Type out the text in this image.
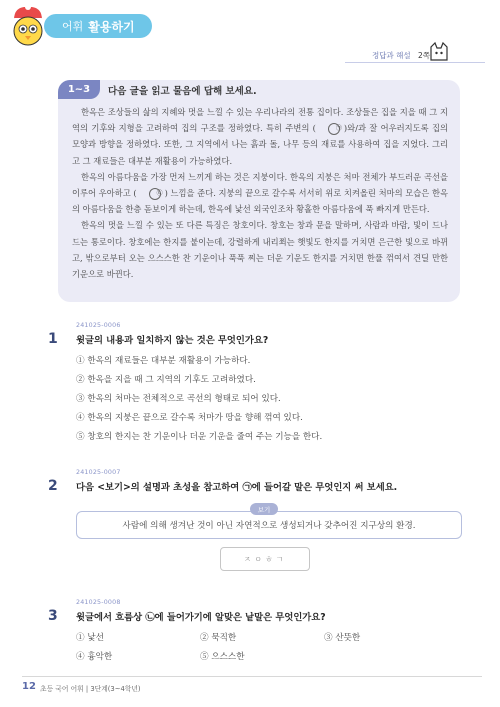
어휘 활용하기
정답과 해설 2쪽
1~3	다음 글을 읽고 물음에 답해 보세요.

한옥은 조상들의 삶의 지혜와 멋을 느낄 수 있는 우리나라의 전통 집이다. 조상들은 집을 지을 때 그 지역의 기후와 지형을 고려하여 집의 구조를 정하였다. 특히 주변의 (	㉠ )와/과 잘 어우러지도록 집의 모양과 방향을 정하였다. 또한, 그 지역에서 나는 흙과 돌, 나무 등의 재료를 사용하여 집을 지었다. 그리고 그 재료들은 대부분 재활용이 가능하였다.

한옥의 아름다움을 가장 먼저 느끼게 하는 것은 지붕이다. 한옥의 지붕은 처마 전체가 부드러운 곡선을 이루어 우아하고 (	㉡ ) 느낌을 준다. 지붕의 끝으로 갈수록 서서히 위로 치켜올린 처마의 모습은 한옥의 아름다움을 한층 돋보이게 하는데, 한옥에 낯선 외국인조차 황홀한 아름다움에 푹 빠지게 만든다.

한옥의 멋을 느낄 수 있는 또 다른 특징은 창호이다. 창호는 창과 문을 말하며, 사람과 바람, 빛이 드나드는 통로이다. 창호에는 한지를 붙이는데, 강렬하게 내리쬐는 햇빛도 한지를 거치면 은근한 빛으로 바뀌고, 밖으로부터 오는 으스스한 찬 기운이나 푹푹 찌는 더운 기운도 한지를 거치면 한풀 꺾여서 견딜 만한 기운으로 바뀐다.

241025-0006
1 윗글의 내용과 일치하지 않는 것은 무엇인가요?
① 한옥의 재료들은 대부분 재활용이 가능하다.
② 한옥을 지을 때 그 지역의 기후도 고려하였다.
③ 한옥의 처마는 전체적으로 곡선의 형태로 되어 있다.
④ 한옥의 지붕은 끝으로 갈수록 처마가 땅을 향해 꺾여 있다.
⑤ 창호의 한지는 찬 기운이나 더운 기운을 줄여 주는 기능을 한다.
241025-0007
2 다음 <보기>의 설명과 초성을 참고하여 ㉠에 들어갈 말은 무엇인지 써 보세요.
사람에 의해 생겨난 것이 아닌 자연적으로 생성되거나 갖추어진 지구상의 환경.
보기
ㅈㅇㅎㄱ
241025-0008
3 윗글에서 흐름상 ㉡에 들어가기에 알맞은 낱말은 무엇인가요?
① 낯선	② 묵직한	③ 산뜻한
④ 흉악한	⑤ 으스스한
12 초등 국어 어휘 | 3단계(3~4학년)
